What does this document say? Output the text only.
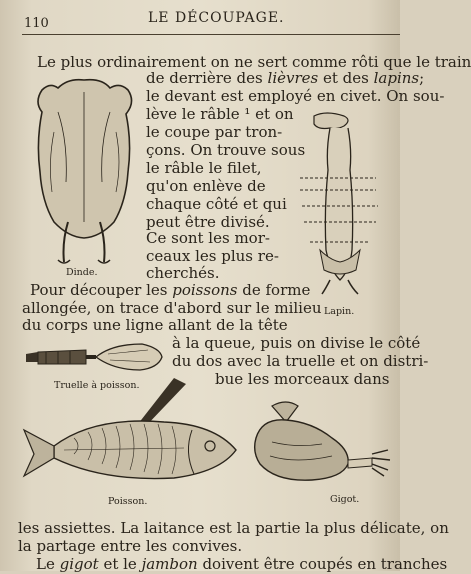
110	LE DÉCOUPAGE.
Le plus ordinairement on ne sert comme rôti que le train
de derrière des lièvres et des lapins;
le devant est employé en civet. On sou-
lève le râble ¹ et on
le coupe par tron-
çons. On trouve sous
le râble le filet,
qu'on enlève de
chaque côté et qui
peut être divisé.
Ce sont les mor-
ceaux les plus re-
cherchés.
Pour découper les poissons de forme
allongée, on trace d'abord sur le milieu
du corps une ligne allant de la tête
à la queue, puis on divise le côté
du dos avec la truelle et on distri-
bue les morceaux dans
les assiettes. La laitance est la partie la plus délicate, on
la partage entre les convives.
Le gigot et le jambon doivent être coupés en tranches
Dinde.
Lapin.
Truelle à poisson.
Poisson.	Gigot.
